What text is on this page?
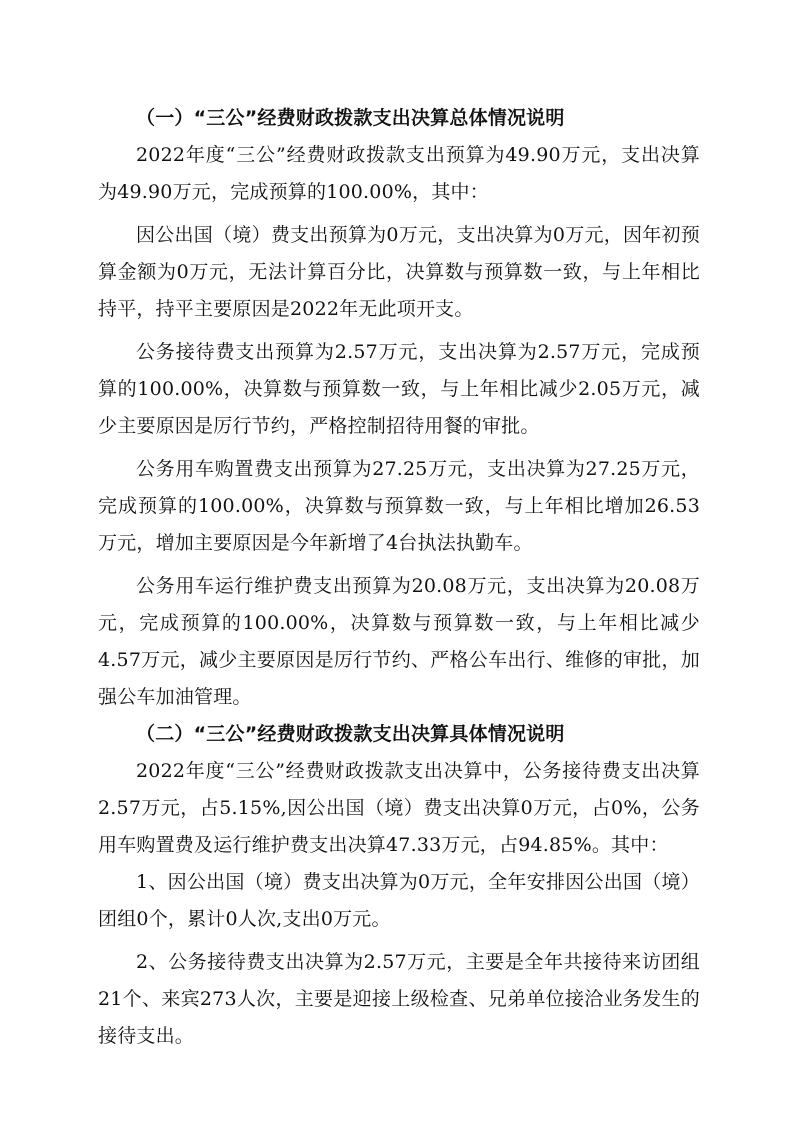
（一）“三公”经费财政拨款支出决算总体情况说明

2022年度“三公”经费财政拨款支出预算为49.90万元，支出决算为49.90万元，完成预算的100.00%，其中：

因公出国（境）费支出预算为0万元，支出决算为0万元，因年初预算金额为0万元，无法计算百分比，决算数与预算数一致，与上年相比持平，持平主要原因是2022年无此项开支。

公务接待费支出预算为2.57万元，支出决算为2.57万元，完成预算的100.00%，决算数与预算数一致，与上年相比减少2.05万元，减少主要原因是厉行节约，严格控制招待用餐的审批。

公务用车购置费支出预算为27.25万元，支出决算为27.25万元，完成预算的100.00%，决算数与预算数一致，与上年相比增加26.53万元，增加主要原因是今年新增了4台执法执勤车。

公务用车运行维护费支出预算为20.08万元，支出决算为20.08万元，完成预算的100.00%，决算数与预算数一致，与上年相比减少4.57万元，减少主要原因是厉行节约、严格公车出行、维修的审批，加强公车加油管理。

（二）“三公”经费财政拨款支出决算具体情况说明

2022年度“三公”经费财政拨款支出决算中，公务接待费支出决算2.57万元，占5.15%,因公出国（境）费支出决算0万元，占0%，公务用车购置费及运行维护费支出决算47.33万元，占94.85%。其中：

1、因公出国（境）费支出决算为0万元，全年安排因公出国（境）团组0个，累计0人次,支出0万元。

2、公务接待费支出决算为2.57万元，主要是全年共接待来访团组21个、来宾273人次，主要是迎接上级检查、兄弟单位接洽业务发生的接待支出。
